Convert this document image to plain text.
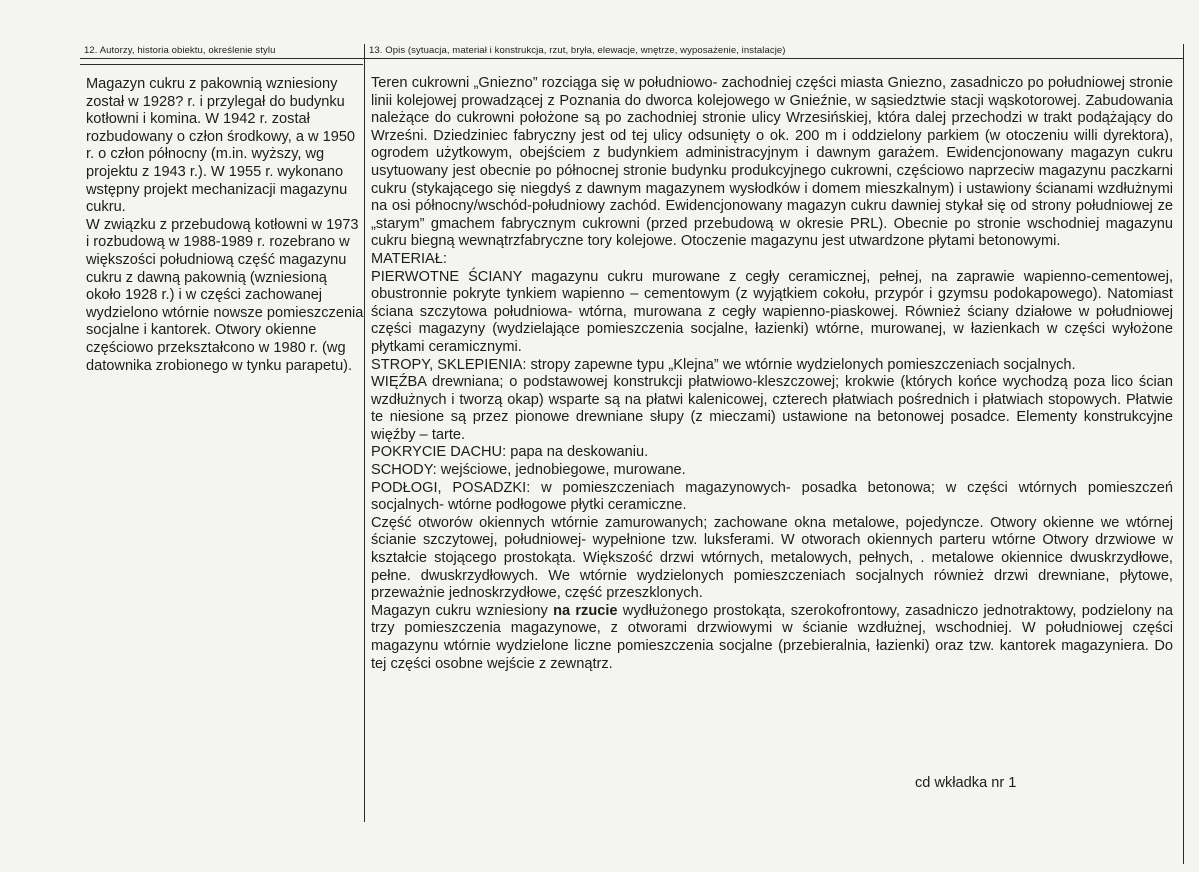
12. Autorzy, historia obiektu, określenie stylu	13. Opis (sytuacja, materiał i konstrukcja, rzut, bryła, elewacje, wnętrze, wyposażenie, instalacje)

Magazyn cukru z pakownią wzniesiony został w 1928? r. i przylegał do budynku kotłowni i komina. W 1942 r. został rozbudowany o człon środkowy, a w 1950 r. o człon północny (m.in. wyższy, wg projektu z 1943 r.). W 1955 r. wykonano wstępny projekt mechanizacji magazynu cukru.

W związku z przebudową kotłowni w 1973 i rozbudową w 1988-1989 r. rozebrano w większości południową część magazynu cukru z dawną pakownią (wzniesioną około 1928 r.) i w części zachowanej wydzielono wtórnie nowsze pomieszczenia socjalne i kantorek. Otwory okienne częściowo przekształcono w 1980 r. (wg datownika zrobionego w tynku parapetu).

Teren cukrowni „Gniezno” rozciąga się w południowo- zachodniej części miasta Gniezno, zasadniczo po południowej stronie linii kolejowej prowadzącej z Poznania do dworca kolejowego w Gnieźnie, w sąsiedztwie stacji wąskotorowej. Zabudowania należące do cukrowni położone są po zachodniej stronie ulicy Wrzesińskiej, która dalej przechodzi w trakt podążający do Wrześni. Dziedziniec fabryczny jest od tej ulicy odsunięty o ok. 200 m i oddzielony parkiem (w otoczeniu willi dyrektora), ogrodem użytkowym, obejściem z budynkiem administracyjnym i dawnym garażem. Ewidencjonowany magazyn cukru usytuowany jest obecnie po północnej stronie budynku produkcyjnego cukrowni, częściowo naprzeciw magazynu paczkarni cukru (stykającego się niegdyś z dawnym magazynem wysłodków i domem mieszkalnym) i ustawiony ścianami wzdłużnymi na osi północny/wschód-południowy zachód. Ewidencjonowany magazyn cukru dawniej stykał się od strony południowej ze „starym” gmachem fabrycznym cukrowni (przed przebudową w okresie PRL). Obecnie po stronie wschodniej magazynu cukru biegną wewnątrzfabryczne tory kolejowe. Otoczenie magazynu jest utwardzone płytami betonowymi.

MATERIAŁ:

PIERWOTNE ŚCIANY magazynu cukru murowane z cegły ceramicznej, pełnej, na zaprawie wapienno-cementowej, obustronnie pokryte tynkiem wapienno – cementowym (z wyjątkiem cokołu, przypór i gzymsu podokapowego). Natomiast ściana szczytowa południowa- wtórna, murowana z cegły wapienno-piaskowej. Również ściany działowe w południowej części magazyny (wydzielające pomieszczenia socjalne, łazienki) wtórne, murowanej, w łazienkach w części wyłożone płytkami ceramicznymi.

STROPY, SKLEPIENIA: stropy zapewne typu „Klejna” we wtórnie wydzielonych pomieszczeniach socjalnych.

WIĘŹBA drewniana; o podstawowej konstrukcji płatwiowo-kleszczowej; krokwie (których końce wychodzą poza lico ścian wzdłużnych i tworzą okap) wsparte są na płatwi kalenicowej, czterech płatwiach pośrednich i płatwiach stopowych. Płatwie te niesione są przez pionowe drewniane słupy (z mieczami) ustawione na betonowej posadce. Elementy konstrukcyjne więźby – tarte.

POKRYCIE DACHU: papa na deskowaniu.

SCHODY: wejściowe, jednobiegowe, murowane.

PODŁOGI, POSADZKI: w pomieszczeniach magazynowych- posadka betonowa; w części wtórnych pomieszczeń socjalnych- wtórne podłogowe płytki ceramiczne.

Część otworów okiennych wtórnie zamurowanych; zachowane okna metalowe, pojedyncze. Otwory okienne we wtórnej ścianie szczytowej, południowej- wypełnione tzw. luksferami. W otworach okiennych parteru wtórne Otwory drzwiowe w kształcie stojącego prostokąta. Większość drzwi wtórnych, metalowych, pełnych, . metalowe okiennice dwuskrzydłowe, pełne. dwuskrzydłowych. We wtórnie wydzielonych pomieszczeniach socjalnych również drzwi drewniane, płytowe, przeważnie jednoskrzydłowe, część przeszklonych.

Magazyn cukru wzniesiony na rzucie wydłużonego prostokąta, szerokofrontowy, zasadniczo jednotraktowy, podzielony na trzy pomieszczenia magazynowe, z otworami drzwiowymi w ścianie wzdłużnej, wschodniej. W południowej części magazynu wtórnie wydzielone liczne pomieszczenia socjalne (przebieralnia, łazienki) oraz tzw. kantorek magazyniera. Do tej części osobne wejście z zewnątrz.

cd wkładka nr 1
